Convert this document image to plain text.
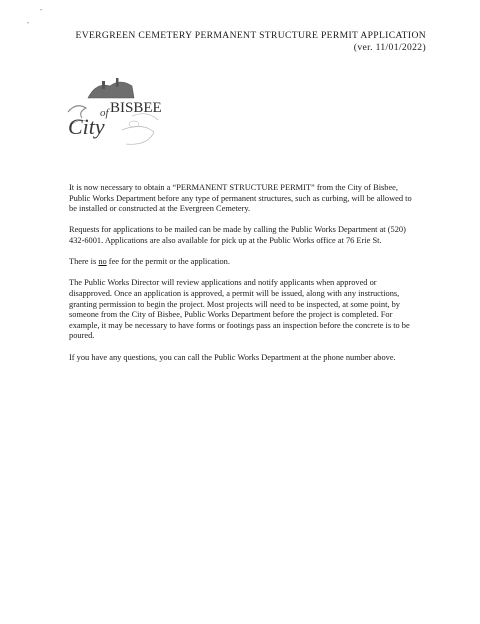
•
•
EVERGREEN CEMETERY PERMANENT STRUCTURE PERMIT APPLICATION
(ver. 11/01/2022)
City
of BISBEE

It is now necessary to obtain a “PERMANENT STRUCTURE PERMIT” from the City of Bisbee, Public Works Department before any type of permanent structures, such as curbing, will be allowed to be installed or constructed at the Evergreen Cemetery.

Requests for applications to be mailed can be made by calling the Public Works Department at (520) 432-6001. Applications are also available for pick up at the Public Works office at 76 Erie St.

There is no fee for the permit or the application.

The Public Works Director will review applications and notify applicants when approved or disapproved. Once an application is approved, a permit will be issued, along with any instructions, granting permission to begin the project. Most projects will need to be inspected, at some point, by someone from the City of Bisbee, Public Works Department before the project is completed. For example, it may be necessary to have forms or footings pass an inspection before the concrete is to be poured.

If you have any questions, you can call the Public Works Department at the phone number above.
